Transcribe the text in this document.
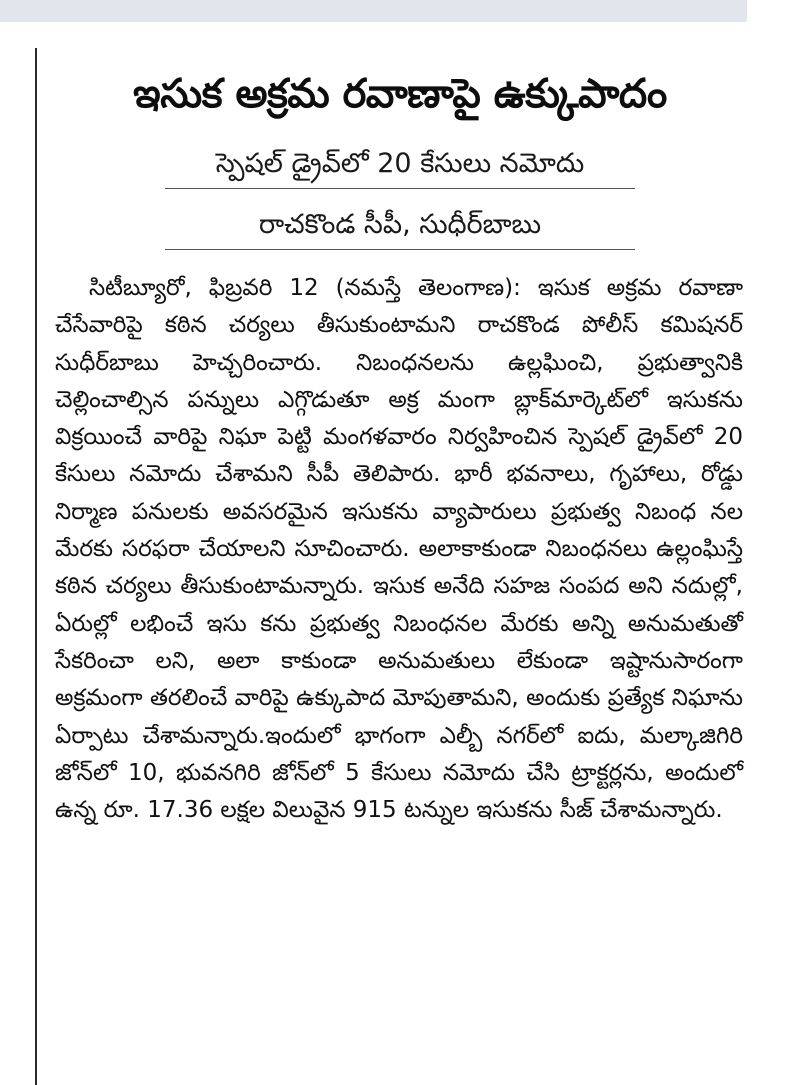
ఇసుక అక్రమ రవాణాపై ఉక్కుపాదం
స్పెషల్ డ్రైవ్‌లో 20 కేసులు నమోదు
రాచకొండ సీపీ, సుధీర్‌బాబు
సిటీబ్యూరో, ఫిబ్రవరి 12 (నమస్తే తెలంగాణ): ఇసుక అక్రమ రవాణా చేసేవారిపై కఠిన చర్యలు తీసుకుంటామని రాచకొండ పోలీస్ కమిషనర్ సుధీర్‌బాబు హెచ్చరించారు. నిబంధనలను ఉల్లఘించి, ప్రభుత్వానికి చెల్లించాల్సిన పన్నులు ఎగ్గొడుతూ అక్ర మంగా బ్లాక్‌మార్కెట్‌లో ఇసుకను విక్రయించే వారిపై నిఘా పెట్టి మంగళవారం నిర్వహించిన స్పెషల్ డ్రైవ్‌లో 20 కేసులు నమోదు చేశామని సీపీ తెలిపారు. భారీ భవనాలు, గృహాలు, రోడ్డు నిర్మాణ పనులకు అవసరమైన ఇసుకను వ్యాపారులు ప్రభుత్వ నిబంధ నల మేరకు సరఫరా చేయాలని సూచించారు. అలాకాకుండా నిబంధనలు ఉల్లంఘిస్తే కఠిన చర్యలు తీసుకుంటామన్నారు. ఇసుక అనేది సహజ సంపద అని నదుల్లో, ఏరుల్లో లభించే ఇసు కను ప్రభుత్వ నిబంధనల మేరకు అన్ని అనుమతుతో సేకరించా లని, అలా కాకుండా అనుమతులు లేకుండా ఇష్టానుసారంగా అక్రమంగా తరలించే వారిపై ఉక్కుపాద మోపుతామని, అందుకు ప్రత్యేక నిఘాను ఏర్పాటు చేశామన్నారు.ఇందులో భాగంగా ఎల్బీ నగర్‌లో ఐదు, మల్కాజిగిరి జోన్‌లో 10, భువనగిరి జోన్‌లో 5 కేసులు నమోదు చేసి ట్రాక్టర్లను, అందులో ఉన్న రూ. 17.36 లక్షల విలువైన 915 టన్నుల ఇసుకను సీజ్ చేశామన్నారు.
